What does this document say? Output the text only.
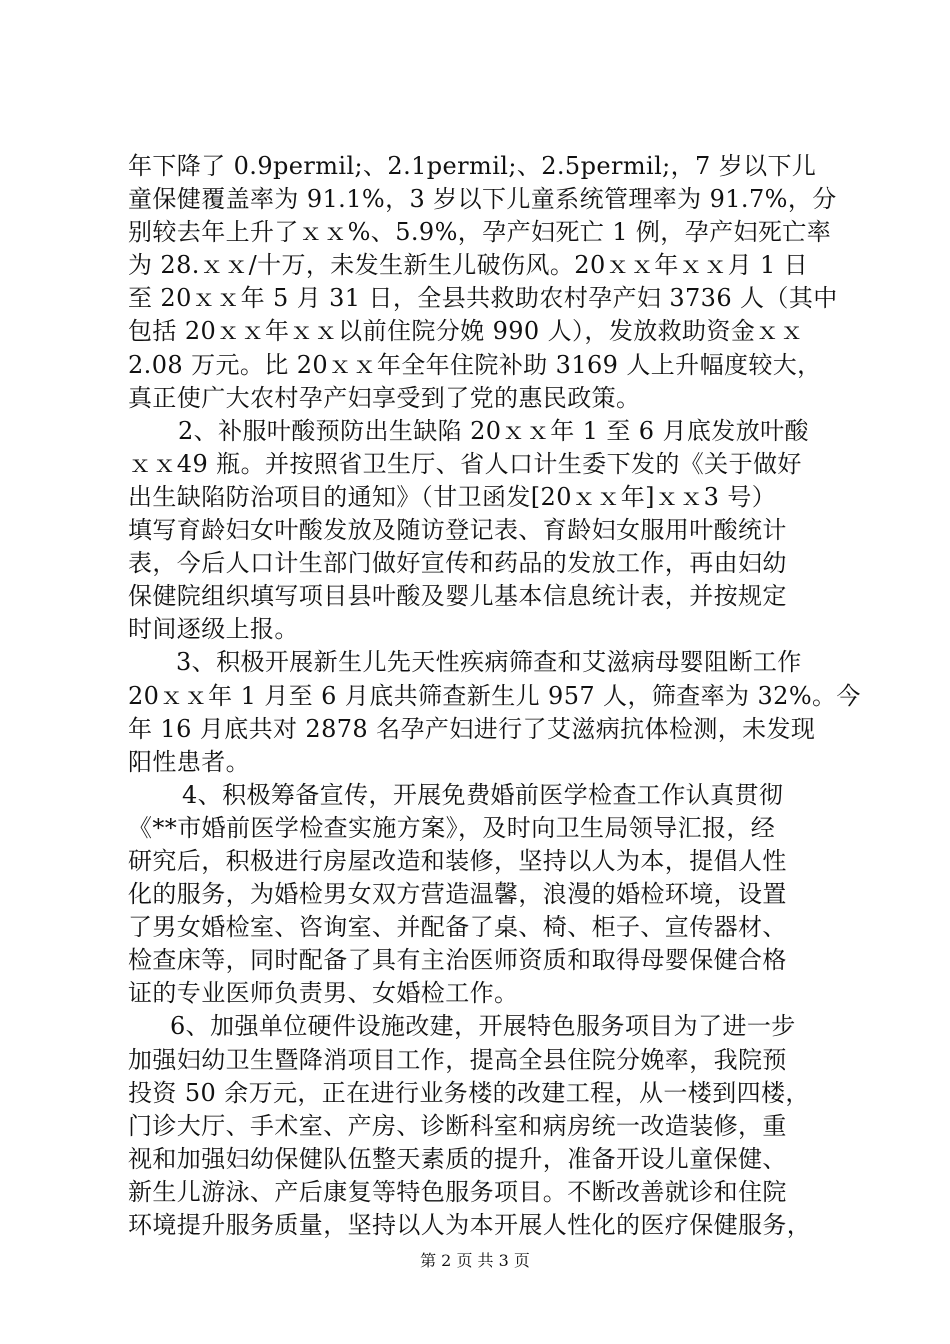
年下降了 0.9permil;、2.1permil;、2.5permil;，7 岁以下儿
童保健覆盖率为 91.1%，3 岁以下儿童系统管理率为 91.7%，分
别较去年上升了ｘｘ%、5.9%，孕产妇死亡 1 例，孕产妇死亡率
为 28.ｘｘ/十万，未发生新生儿破伤风。20ｘｘ年ｘｘ月 1 日
至 20ｘｘ年 5 月 31 日，全县共救助农村孕产妇 3736 人（其中
包括 20ｘｘ年ｘｘ以前住院分娩 990 人），发放救助资金ｘｘ
2.08 万元。比 20ｘｘ年全年住院补助 3169 人上升幅度较大，
真正使广大农村孕产妇享受到了党的惠民政策。
2、补服叶酸预防出生缺陷 20ｘｘ年 1 至 6 月底发放叶酸
ｘｘ49 瓶。并按照省卫生厅、省人口计生委下发的《关于做好
出生缺陷防治项目的通知》（甘卫函发[20ｘｘ年]ｘｘ3 号）
填写育龄妇女叶酸发放及随访登记表、育龄妇女服用叶酸统计
表，今后人口计生部门做好宣传和药品的发放工作，再由妇幼
保健院组织填写项目县叶酸及婴儿基本信息统计表，并按规定
时间逐级上报。
3、积极开展新生儿先天性疾病筛查和艾滋病母婴阻断工作
20ｘｘ年 1 月至 6 月底共筛查新生儿 957 人，筛查率为 32%。今
年 16 月底共对 2878 名孕产妇进行了艾滋病抗体检测，未发现
阳性患者。
4、积极筹备宣传，开展免费婚前医学检查工作认真贯彻
《**市婚前医学检查实施方案》，及时向卫生局领导汇报，经
研究后，积极进行房屋改造和装修，坚持以人为本，提倡人性
化的服务，为婚检男女双方营造温馨，浪漫的婚检环境，设置
了男女婚检室、咨询室、并配备了桌、椅、柜子、宣传器材、
检查床等，同时配备了具有主治医师资质和取得母婴保健合格
证的专业医师负责男、女婚检工作。
6、加强单位硬件设施改建，开展特色服务项目为了进一步
加强妇幼卫生暨降消项目工作，提高全县住院分娩率，我院预
投资 50 余万元，正在进行业务楼的改建工程，从一楼到四楼，
门诊大厅、手术室、产房、诊断科室和病房统一改造装修，重
视和加强妇幼保健队伍整天素质的提升，准备开设儿童保健、
新生儿游泳、产后康复等特色服务项目。不断改善就诊和住院
环境提升服务质量，坚持以人为本开展人性化的医疗保健服务，
第 2 页 共 3 页
